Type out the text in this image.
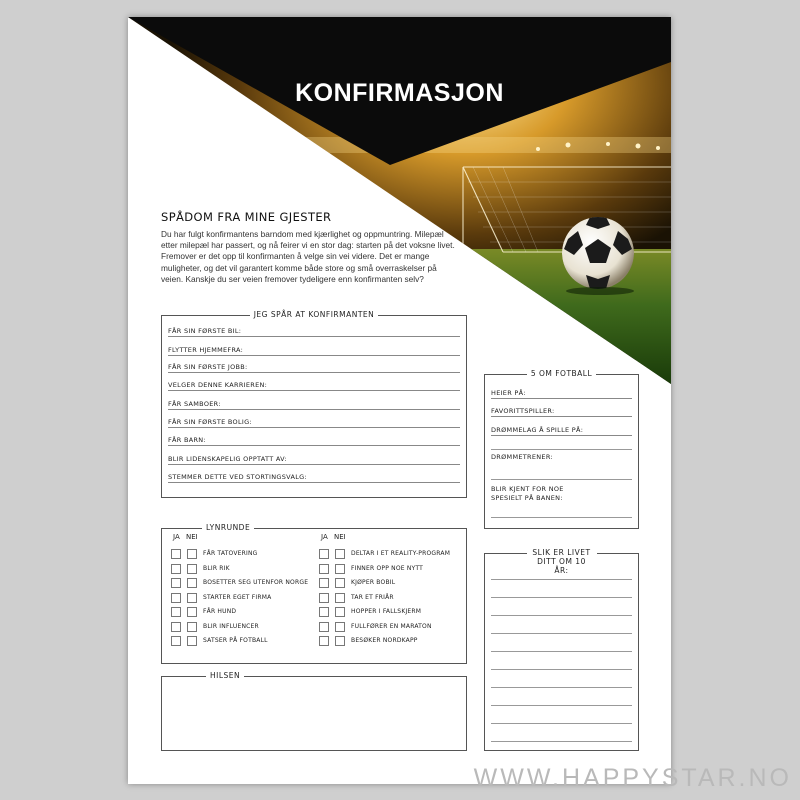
KONFIRMASJON
SPÅDOM FRA MINE GJESTER
Du har fulgt konfirmantens barndom med kjærlighet og oppmuntring. Milepæl etter milepæl har passert, og nå feirer vi en stor dag: starten på det voksne livet. Fremover er det opp til konfirmanten å velge sin vei videre. Det er mange muligheter, og det vil garantert komme både store og små overraskelser på veien. Kanskje du ser veien fremover tydeligere enn konfirmanten selv?
JEG SPÅR AT KONFIRMANTEN
FÅR SIN FØRSTE BIL:
FLYTTER HJEMMEFRA:
FÅR SIN FØRSTE JOBB:
VELGER DENNE KARRIEREN:
FÅR SAMBOER:
FÅR SIN FØRSTE BOLIG:
FÅR BARN:
BLIR LIDENSKAPELIG OPPTATT AV:
STEMMER DETTE VED STORTINGSVALG:
5 OM FOTBALL
HEIER PÅ:
FAVORITTSPILLER:
DRØMMELAG Å SPILLE PÅ:
DRØMMETRENER:
BLIR KJENT FOR NOE SPESIELT PÅ BANEN:
LYNRUNDE
JA NEI	JA NEI
FÅR TATOVERING
BLIR RIK
BOSETTER SEG UTENFOR NORGE
STARTER EGET FIRMA
FÅR HUND
BLIR INFLUENCER
SATSER PÅ FOTBALL
DELTAR I ET REALITY-PROGRAM
FINNER OPP NOE NYTT
KJØPER BOBIL
TAR ET FRIÅR
HOPPER I FALLSKJERM
FULLFØRER EN MARATON
BESØKER NORDKAPP
HILSEN
SLIK ER LIVET DITT OM 10 ÅR:
WWW.HAPPYSTAR.NO
